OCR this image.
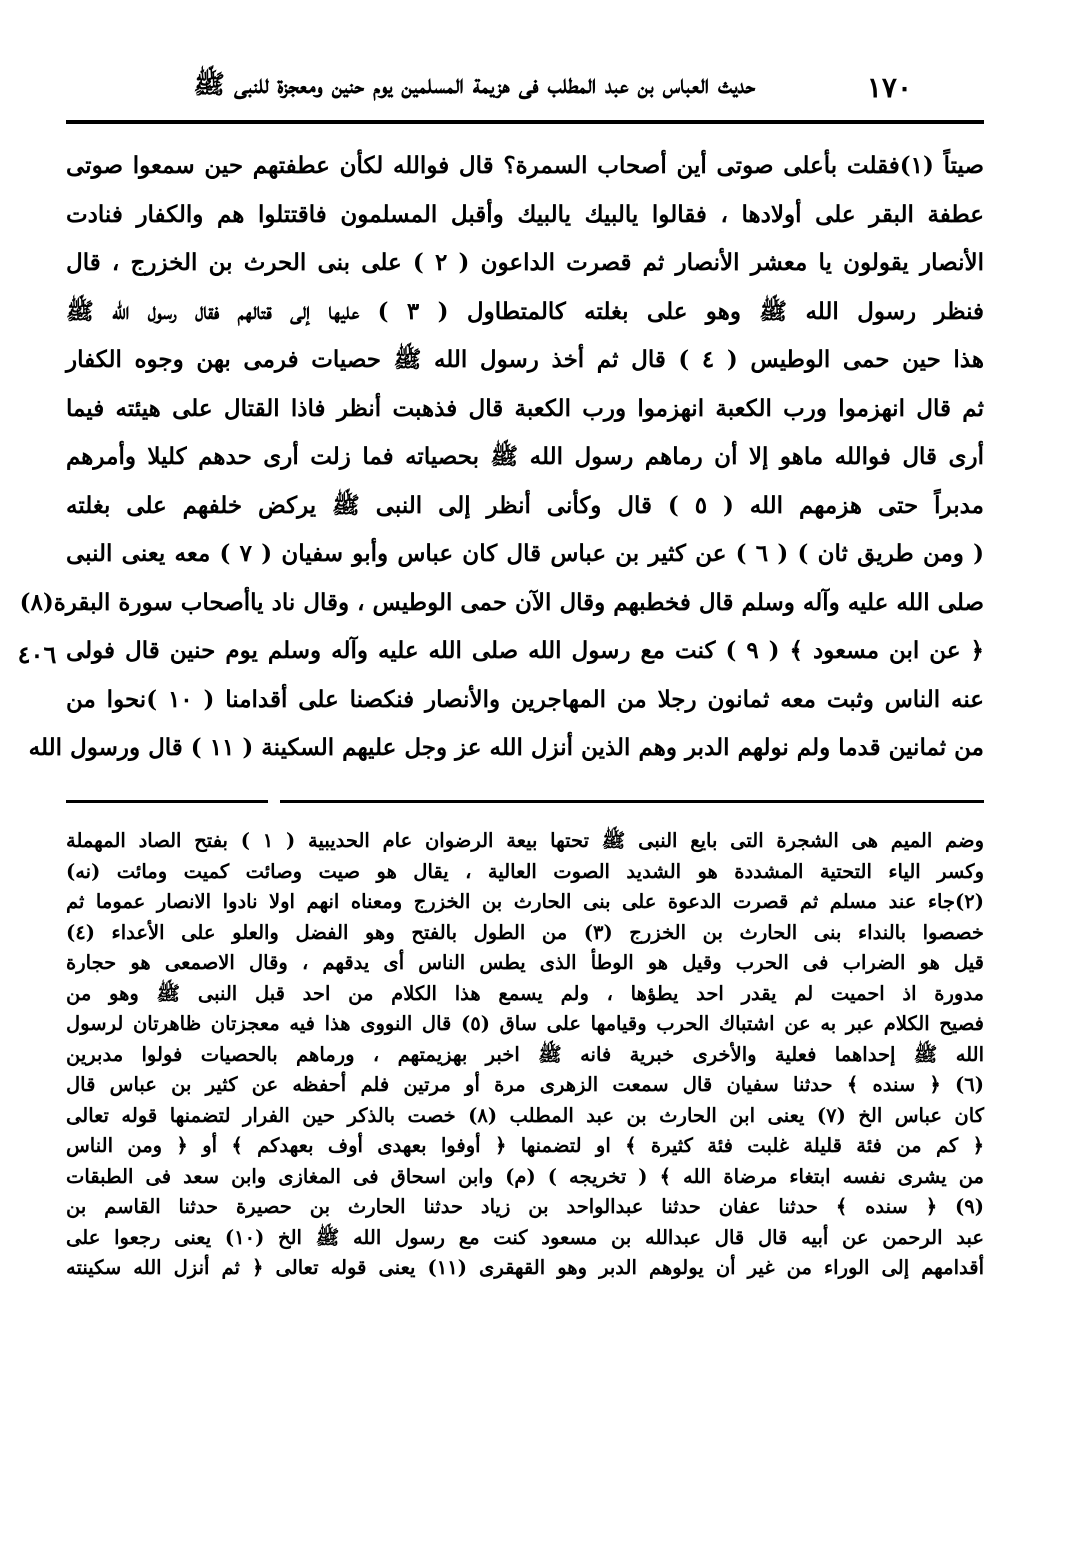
١٧٠
حديث العباس بن عبد المطلب فى هزيمة المسلمين يوم حنين ومعجزة للنبى ﷺ
صيتاً (١)فقلت بأعلى صوتى أين أصحاب السمرة؟ قال فوالله لكأن عطفتهم حين سمعوا صوتى
عطفة البقر على أولادها ، فقالوا يالبيك يالبيك وأقبل المسلمون فاقتتلوا هم والكفار فنادت
الأنصار يقولون يا معشر الأنصار ثم قصرت الداعون ( ٢ ) على بنى الحرث بن الخزرج ، قال
فنظر رسول الله ﷺ وهو على بغلته كالمتطاول ( ٣ ) عليها إلى قتالهم فقال رسول الله ﷺ
هذا حين حمى الوطيس ( ٤ ) قال ثم أخذ رسول الله ﷺ حصيات فرمى بهن وجوه الكفار
ثم قال انهزموا ورب الكعبة انهزموا ورب الكعبة قال فذهبت أنظر فاذا القتال على هيئته فيما
أرى قال فوالله ماهو إلا أن رماهم رسول الله ﷺ بحصياته فما زلت أرى حدهم كليلا وأمرهم
مدبراً حتى هزمهم الله ( ٥ ) قال وكأنى أنظر إلى النبى ﷺ يركض خلفهم على بغلته
( ومن طريق ثان ) ( ٦ ) عن كثير بن عباس قال كان عباس وأبو سفيان ( ٧ ) معه يعنى النبى
صلى الله عليه وآله وسلم قال فخطبهم وقال الآن حمى الوطيس ، وقال ناد ياأصحاب سورة البقرة(٨)
﴿ عن ابن مسعود ﴾ ( ٩ ) كنت مع رسول الله صلى الله عليه وآله وسلم يوم حنين قال فولى
عنه الناس وثبت معه ثمانون رجلا من المهاجرين والأنصار فنكصنا على أقدامنا ( ١٠ )نحوا من
من ثمانين قدما ولم نولهم الدبر وهم الذين أنزل الله عز وجل عليهم السكينة ( ١١ ) قال ورسول الله
٤٠٦
وضم الميم هى الشجرة التى بايع النبى ﷺ تحتها بيعة الرضوان عام الحديبية ( ١ ) بفتح الصاد المهملة
وكسر الياء التحتية المشددة هو الشديد الصوت العالية ، يقال هو صيت وصائت كميت ومائت (نه)
(٢)جاء عند مسلم ثم قصرت الدعوة على بنى الحارث بن الخزرج ومعناه انهم اولا نادوا الانصار عموما ثم
خصصوا بالنداء بنى الحارث بن الخزرج (٣) من الطول بالفتح وهو الفضل والعلو على الأعداء (٤)
قيل هو الضراب فى الحرب وقيل هو الوطأ الذى يطس الناس أى يدقهم ، وقال الاصمعى هو حجارة
مدورة اذ احميت لم يقدر احد يطؤها ، ولم يسمع هذا الكلام من احد قبل النبى ﷺ وهو من
فصيح الكلام عبر به عن اشتباك الحرب وقيامها على ساق (٥) قال النووى هذا فيه معجزتان ظاهرتان لرسول
الله ﷺ إحداهما فعلية والأخرى خبرية فانه ﷺ اخبر بهزيمتهم ، ورماهم بالحصيات فولوا مدبرين
(٦) ﴿ سنده ﴾ حدثنا سفيان قال سمعت الزهرى مرة أو مرتين فلم أحفظه عن كثير بن عباس قال
كان عباس الخ (٧) يعنى ابن الحارث بن عبد المطلب (٨) خصت بالذكر حين الفرار لتضمنها قوله تعالى
﴿ كم من فئة قليلة غلبت فئة كثيرة ﴾ او لتضمنها ﴿ أوفوا بعهدى أوف بعهدكم ﴾ أو ﴿ ومن الناس
من يشرى نفسه ابتغاء مرضاة الله ﴾ ( تخريجه ) (م) وابن اسحاق فى المغازى وابن سعد فى الطبقات
(٩) ﴿ سنده ﴾ حدثنا عفان حدثنا عبدالواحد بن زياد حدثنا الحارث بن حصيرة حدثنا القاسم بن
عبد الرحمن عن أبيه قال قال عبدالله بن مسعود كنت مع رسول الله ﷺ الخ (١٠) يعنى رجعوا على
أقدامهم إلى الوراء من غير أن يولوهم الدبر وهو القهقرى (١١) يعنى قوله تعالى ﴿ ثم أنزل الله سكينته
